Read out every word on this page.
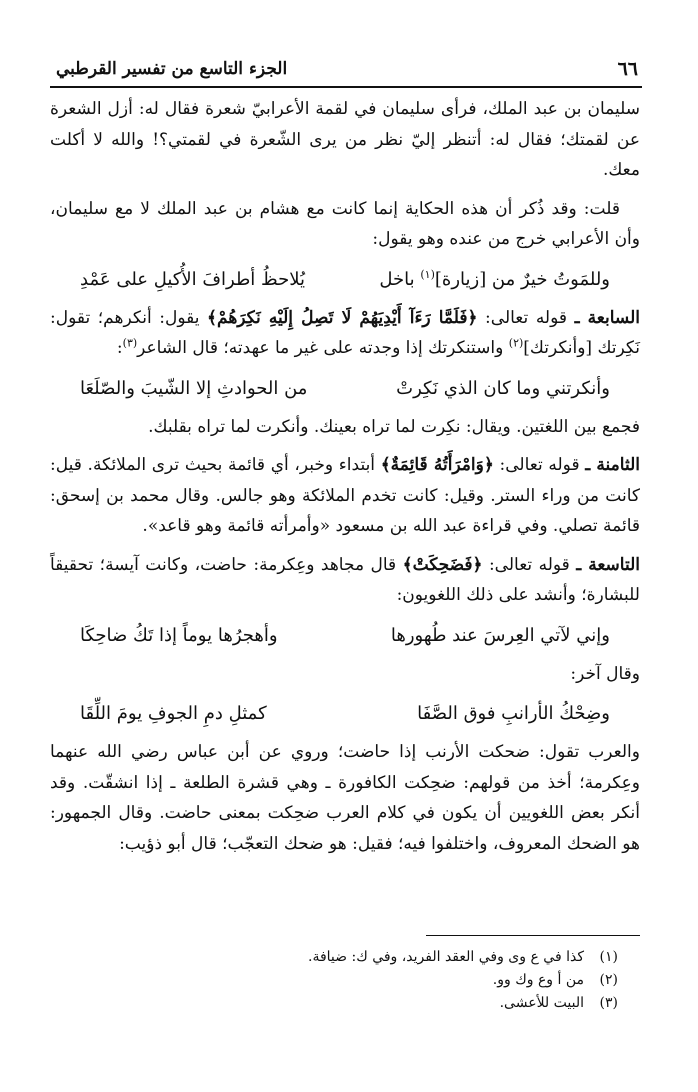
٦٦
الجزء التاسع من تفسير القرطبي

سليمان بن عبد الملك، فرأى سليمان في لقمة الأعرابيّ شعرة فقال له: أزل الشعرة عن لقمتك؛ فقال له: أتنظر إليّ نظر من يرى الشّعرة في لقمتي؟! والله لا أكلت معك.

قلت: وقد ذُكر أن هذه الحكاية إنما كانت مع هشام بن عبد الملك لا مع سليمان، وأن الأعرابي خرج من عنده وهو يقول:

وللمَوتُ خيرٌ من [زيارة]$^{(١)}$ باخل
يُلاحظُ أطرافَ الأُكيلِ على عَمْدِ

السابعة ـ قوله تعالى: ﴿فَلَمَّا رَءَآ أَيْدِيَهُمْ لَا تَصِلُ إِلَيْهِ نَكِرَهُمْ﴾ يقول: أنكرهم؛ تقول: نَكِرتك [وأنكرتك]$^{(٢)}$ واستنكرتك إذا وجدته على غير ما عهدته؛ قال الشاعر$^{(٣)}$:

وأنكرتني وما كان الذي نَكِرتْ
من الحوادثِ إلا الشّيبَ والصّلَعَا

فجمع بين اللغتين. ويقال: نكِرت لما تراه بعينك. وأنكرت لما تراه بقلبك.

الثامنة ـ قوله تعالى: ﴿وَامْرَأَتُهُ قَائِمَةٌ﴾ أبتداء وخبر، أي قائمة بحيث ترى الملائكة. قيل: كانت من وراء الستر. وقيل: كانت تخدم الملائكة وهو جالس. وقال محمد بن إسحق: قائمة تصلي. وفي قراءة عبد الله بن مسعود «وأمرأته قائمة وهو قاعد».

التاسعة ـ قوله تعالى: ﴿فَضَحِكَتْ﴾ قال مجاهد وعِكرمة: حاضت، وكانت آيسة؛ تحقيقاً للبشارة؛ وأنشد على ذلك اللغويون:

وإني لآتي العِرسَ عند طُهورها
وأهجرُها يوماً إذا تَكُ ضاحِكَا

وقال آخر:

وضِحْكُ الأرانبِ فوق الصَّفَا
كمثلِ دمِ الجوفِ يومَ اللِّقَا

والعرب تقول: ضحكت الأرنب إذا حاضت؛ وروي عن أبن عباس رضي الله عنهما وعِكرمة؛ أخذ من قولهم: ضحِكت الكافورة ـ وهي قشرة الطلعة ـ إذا انشقّت. وقد أنكر بعض اللغويين أن يكون في كلام العرب ضحِكت بمعنى حاضت. وقال الجمهور: هو الضحك المعروف، واختلفوا فيه؛ فقيل: هو ضحك التعجّب؛ قال أبو ذؤيب:

(١)
كذا في ع وى وفي العقد الفريد، وفي ك: ضيافة.
(٢)
من أ وع وك وو.
(٣)
البيت للأعشى.
